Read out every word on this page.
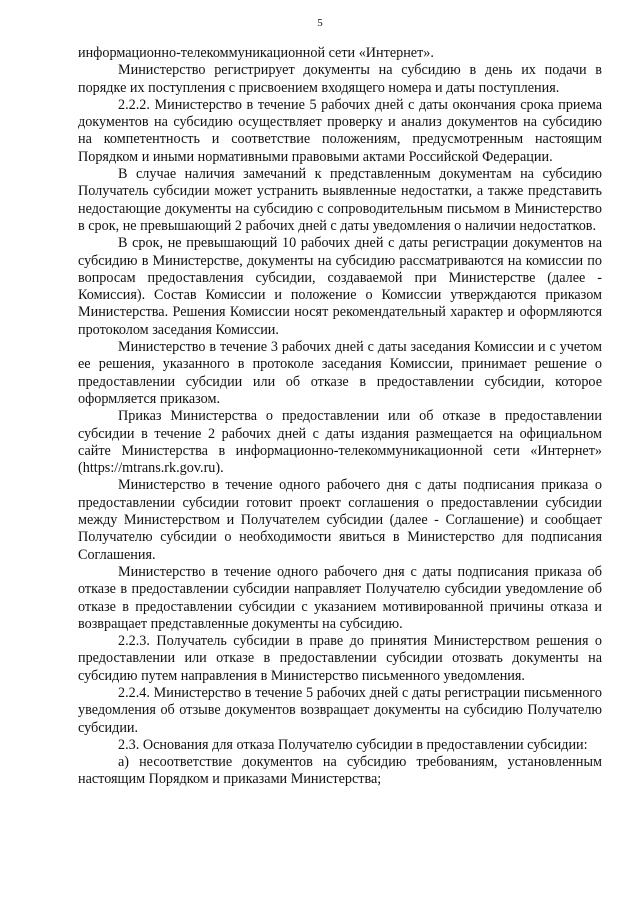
5

информационно-телекоммуникационной сети «Интернет».

Министерство регистрирует документы на субсидию в день их подачи в порядке их поступления с присвоением входящего номера и даты поступления.

2.2.2. Министерство в течение 5 рабочих дней с даты окончания срока приема документов на субсидию осуществляет проверку и анализ документов на субсидию на компетентность и соответствие положениям, предусмотренным настоящим Порядком и иными нормативными правовыми актами Российской Федерации.

В случае наличия замечаний к представленным документам на субсидию Получатель субсидии может устранить выявленные недостатки, а также представить недостающие документы на субсидию с сопроводительным письмом в Министерство в срок, не превышающий 2 рабочих дней с даты уведомления о наличии недостатков.

В срок, не превышающий 10 рабочих дней с даты регистрации документов на субсидию в Министерстве, документы на субсидию рассматриваются на комиссии по вопросам предоставления субсидии, создаваемой при Министерстве (далее - Комиссия). Состав Комиссии и положение о Комиссии утверждаются приказом Министерства. Решения Комиссии носят рекомендательный характер и оформляются протоколом заседания Комиссии.

Министерство в течение 3 рабочих дней с даты заседания Комиссии и с учетом ее решения, указанного в протоколе заседания Комиссии, принимает решение о предоставлении субсидии или об отказе в предоставлении субсидии, которое оформляется приказом.

Приказ Министерства о предоставлении или об отказе в предоставлении субсидии в течение 2 рабочих дней с даты издания размещается на официальном сайте Министерства в информационно-телекоммуникационной сети «Интернет» (https://mtrans.rk.gov.ru).

Министерство в течение одного рабочего дня с даты подписания приказа о предоставлении субсидии готовит проект соглашения о предоставлении субсидии между Министерством и Получателем субсидии (далее - Соглашение) и сообщает Получателю субсидии о необходимости явиться в Министерство для подписания Соглашения.

Министерство в течение одного рабочего дня с даты подписания приказа об отказе в предоставлении субсидии направляет Получателю субсидии уведомление об отказе в предоставлении субсидии с указанием мотивированной причины отказа и возвращает представленные документы на субсидию.

2.2.3. Получатель субсидии в праве до принятия Министерством решения о предоставлении или отказе в предоставлении субсидии отозвать документы на субсидию путем направления в Министерство письменного уведомления.

2.2.4. Министерство в течение 5 рабочих дней с даты регистрации письменного уведомления об отзыве документов возвращает документы на субсидию Получателю субсидии.

2.3. Основания для отказа Получателю субсидии в предоставлении субсидии:

а) несоответствие документов на субсидию требованиям, установленным настоящим Порядком и приказами Министерства;
